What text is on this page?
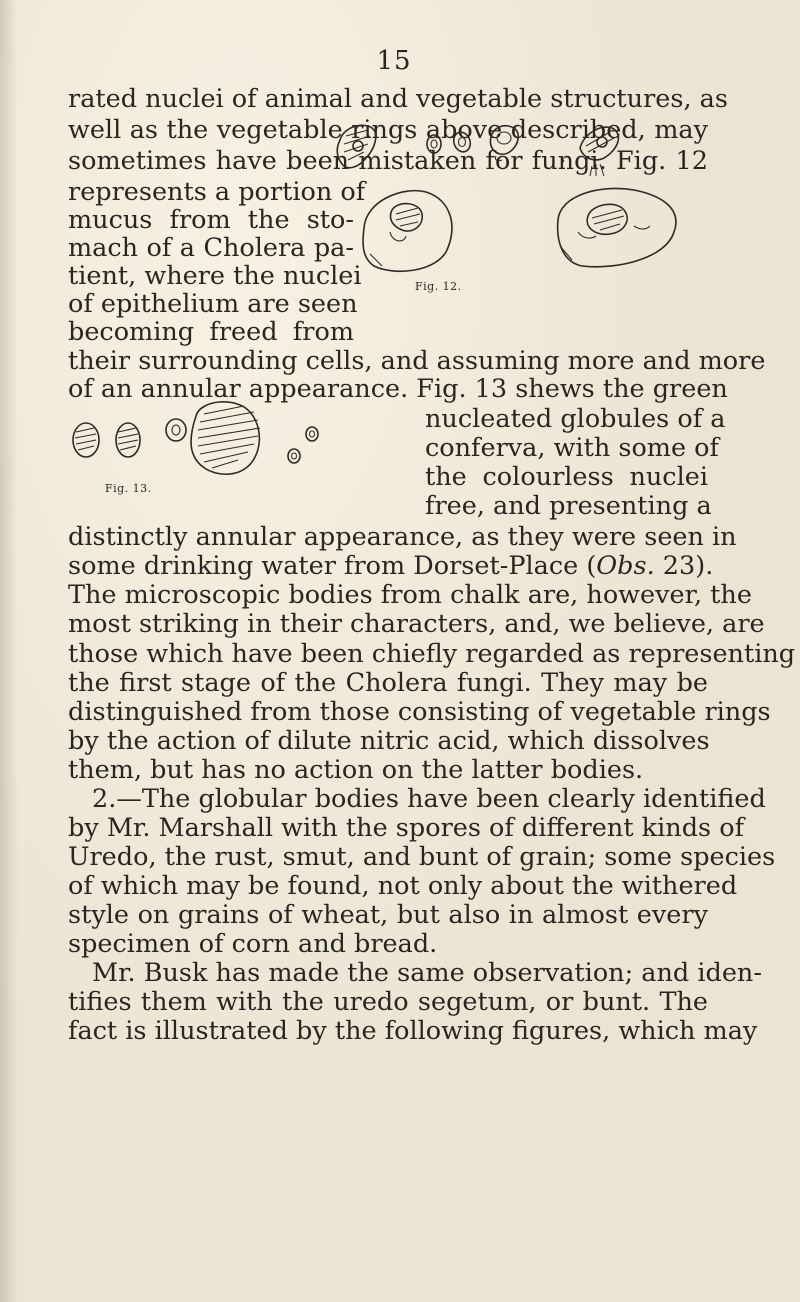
15
rated nuclei of animal and vegetable structures, as
well as the vegetable rings above described, may
sometimes have been mistaken for fungi. Fig. 12
represents a portion of
mucus from the sto-
mach of a Cholera pa-
tient, where the nuclei
of epithelium are seen
becoming freed from
Fig. 12.
their surrounding cells, and assuming more and more
of an annular appearance. Fig. 13 shews the green
nucleated globules of a
conferva, with some of
the colourless nuclei
free, and presenting a
Fig. 13.
distinctly annular appearance, as they were seen in
some drinking water from Dorset-Place (Obs. 23).
The microscopic bodies from chalk are, however, the
most striking in their characters, and, we believe, are
those which have been chiefly regarded as representing
the first stage of the Cholera fungi. They may be
distinguished from those consisting of vegetable rings
by the action of dilute nitric acid, which dissolves
them, but has no action on the latter bodies.
2.—The globular bodies have been clearly identified
by Mr. Marshall with the spores of different kinds of
Uredo, the rust, smut, and bunt of grain; some species
of which may be found, not only about the withered
style on grains of wheat, but also in almost every
specimen of corn and bread.
Mr. Busk has made the same observation; and iden-
tifies them with the uredo segetum, or bunt. The
fact is illustrated by the following figures, which may
